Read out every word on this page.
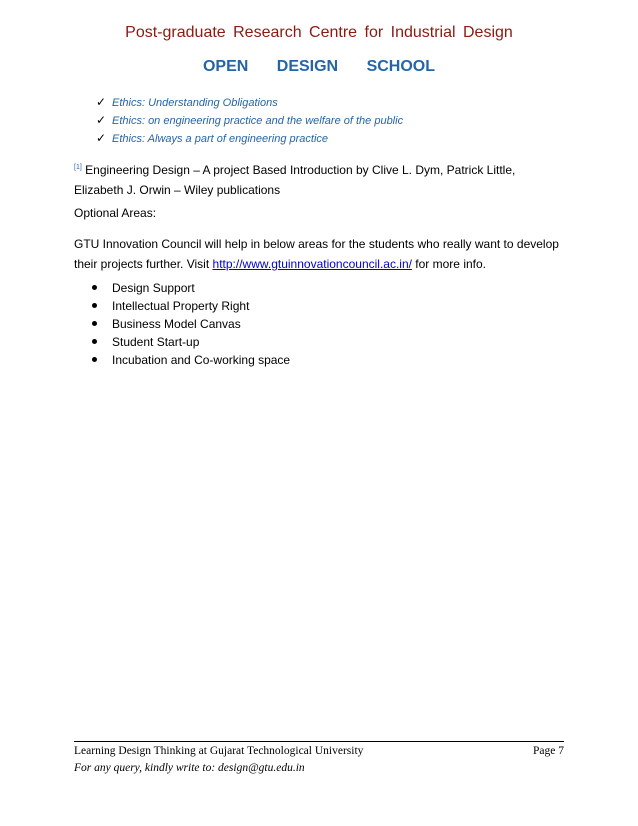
Post-graduate Research Centre for Industrial Design
OPEN DESIGN SCHOOL
✓ Ethics: Understanding Obligations
✓ Ethics: on engineering practice and the welfare of the public
✓ Ethics: Always a part of engineering practice
[1] Engineering Design – A project Based Introduction by Clive L. Dym, Patrick Little, Elizabeth J. Orwin – Wiley publications
Optional Areas:
GTU Innovation Council will help in below areas for the students who really want to develop their projects further. Visit http://www.gtuinnovationcouncil.ac.in/ for more info.
Design Support
Intellectual Property Right
Business Model Canvas
Student Start-up
Incubation and Co-working space
Learning Design Thinking at Gujarat Technological University	Page 7
For any query, kindly write to: design@gtu.edu.in
